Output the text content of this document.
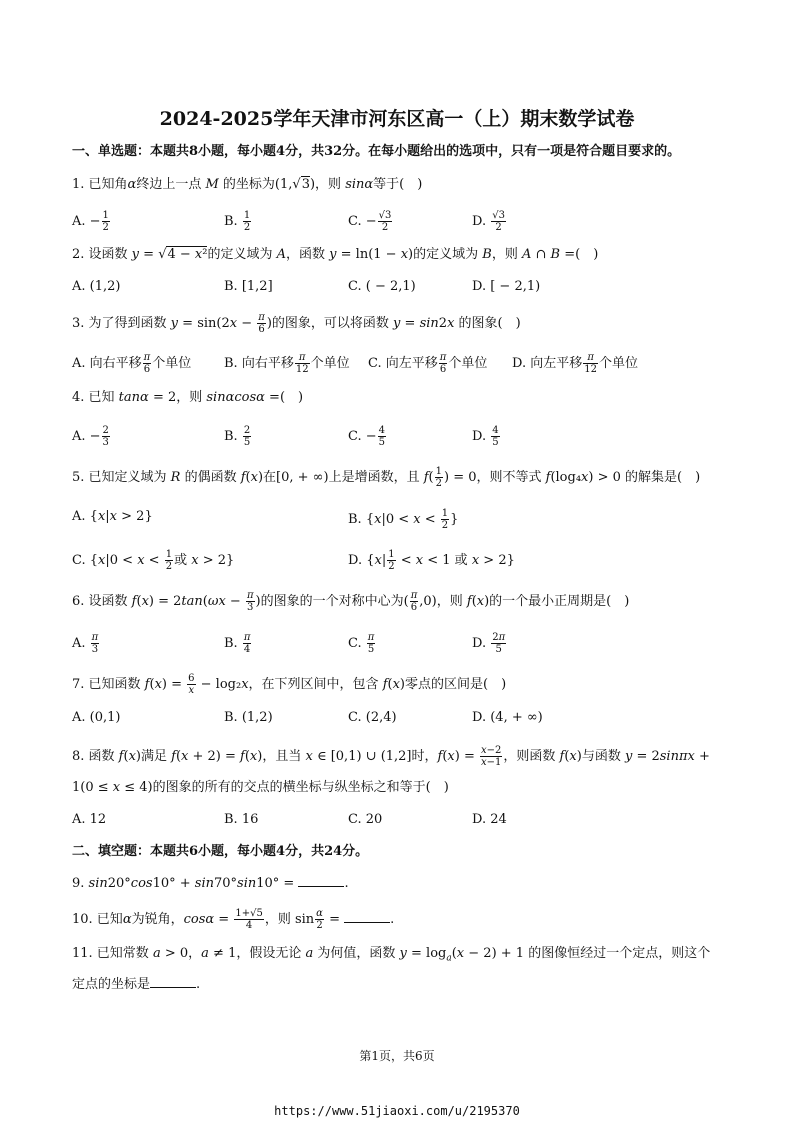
2024-2025学年天津市河东区高一（上）期末数学试卷
一、单选题：本题共8小题，每小题4分，共32分。在每小题给出的选项中，只有一项是符合题目要求的。
1. 已知角α终边上一点 M 的坐标为(1,√3)，则 sinα等于(　)
A. − $\frac{1}{2}$	B. $\frac{1}{2}$	C. − $\frac{√3}{2}$	D. $\frac{√3}{2}$
2. 设函数 y = √4 − x²的定义域为 A，函数 y = ln(1 − x)的定义域为 B，则 A ∩ B =(　)
A. (1,2)	B. [1,2]	C. ( − 2,1)	D. [ − 2,1)
3. 为了得到函数 $y = \sin(2x - \frac{\pi}{6}$ )的图象，可以将函数 y = sin2x 的图象(　)
A. 向右平移 $\frac{\pi}{6}$ 个单位	B. 向右平移 $\frac{\pi}{12}$ 个单位 C. 向左平移 $\frac{\pi}{6}$ 个单位 D. 向左平移 $\frac{\pi}{12}$ 个单位
4. 已知 tanα = 2，则 sinαcosα =(　)
A. − $\frac{2}{3}$	B. $\frac{2}{5}$	C. − $\frac{4}{5}$	D. $\frac{4}{5}$
5. 已知定义域为 R 的偶函数 f(x)在[0, + ∞)上是增函数，且 $f( \frac{1}{2}$ ) = 0，则不等式 f(log₄x) > 0 的解集是(　)
A. {x|x > 2}	B. {$x|0 < x < \frac{1}{2}$ }
C. {$x|0 < x < \frac{1}{2}$ 或 x > 2}	D. {$x| \frac{1}{2} < x < 1$ 或 x > 2}
6. 设函数 $f(x) = 2\tan(\omega x - \frac{\pi}{3}$ )的图象的一个对称中心为( $\frac{\pi}{6} ,0$)，则 f(x)的一个最小正周期是(　)
A. $\frac{\pi}{3}$	B. $\frac{\pi}{4}$	C. $\frac{\pi}{5}$	D. $\frac{2\pi}{5}$
7. 已知函数 $f(x) = \frac{6}{x} - \log_2x$，在下列区间中，包含 f(x)零点的区间是(　)
A. (0,1)	B. (1,2)	C. (2,4)	D. (4, + ∞)
8. 函数 f(x)满足 f(x + 2) = f(x)，且当 x ∈ [0,1) ∪ (1,2]时，$f(x) = \frac{x-2}{x-1}$ ，则函数 f(x)与函数 y = 2sinπx +
1(0 ≤ x ≤ 4)的图象的所有的交点的横坐标与纵坐标之和等于(　)
A. 12	B. 16	C. 20	D. 24
二、填空题：本题共6小题，每小题4分，共24分。
9. sin20°cos10° + sin70°sin10° =	.
10. 已知α为锐角，$\cos\alpha = \frac{1+√5}{4}$ ，则 $\sin \frac{\alpha}{2}$ =	.
11. 已知常数 a > 0，a ≠ 1，假设无论 a 为何值，函数 $y = \log_a(x - 2) + 1$ 的图像恒经过一个定点，则这个
定点的坐标是	.
第1页，共6页
https://www.51jiaoxi.com/u/2195370
